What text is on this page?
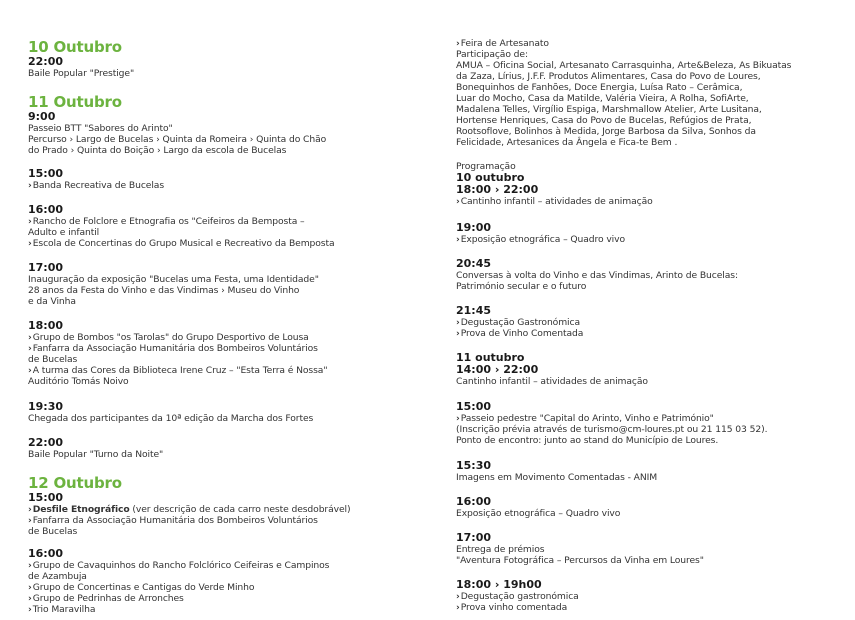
10 Outubro
22:00
Baile Popular "Prestige"
11 Outubro
9:00
Passeio BTT "Sabores do Arinto"
Percurso › Largo de Bucelas › Quinta da Romeira › Quinta do Chão
do Prado › Quinta do Boição › Largo da escola de Bucelas
15:00
›Banda Recreativa de Bucelas
16:00
›Rancho de Folclore e Etnografia os "Ceifeiros da Bemposta –
Adulto e infantil
›Escola de Concertinas do Grupo Musical e Recreativo da Bemposta
17:00
Inauguração da exposição "Bucelas uma Festa, uma Identidade"
28 anos da Festa do Vinho e das Vindimas › Museu do Vinho
e da Vinha
18:00
›Grupo de Bombos "os Tarolas" do Grupo Desportivo de Lousa
›Fanfarra da Associação Humanitária dos Bombeiros Voluntários
de Bucelas
›A turma das Cores da Biblioteca Irene Cruz – "Esta Terra é Nossa"
Auditório Tomás Noivo
19:30
Chegada dos participantes da 10ª edição da Marcha dos Fortes
22:00
Baile Popular "Turno da Noite"
12 Outubro
15:00
›Desfile Etnográfico (ver descrição de cada carro neste desdobrável)
›Fanfarra da Associação Humanitária dos Bombeiros Voluntários
de Bucelas
16:00
›Grupo de Cavaquinhos do Rancho Folclórico Ceifeiras e Campinos
de Azambuja
›Grupo de Concertinas e Cantigas do Verde Minho
›Grupo de Pedrinhas de Arronches
›Trio Maravilha
›Feira de Artesanato
Participação de:
AMUA – Oficina Social, Artesanato Carrasquinha, Arte&Beleza, As Bikuatas
da Zaza, Lírius, J.F.F. Produtos Alimentares, Casa do Povo de Loures,
Bonequinhos de Fanhões, Doce Energia, Luísa Rato – Cerâmica,
Luar do Mocho, Casa da Matilde, Valéria Vieira, A Rolha, SofiArte,
Madalena Telles, Virgílio Espiga, Marshmallow Atelier, Arte Lusitana,
Hortense Henriques, Casa do Povo de Bucelas, Refúgios de Prata,
Rootsoflove, Bolinhos à Medida, Jorge Barbosa da Silva, Sonhos da
Felicidade, Artesanices da Ângela e Fica-te Bem .
Programação
10 outubro
18:00 › 22:00
›Cantinho infantil – atividades de animação
19:00
›Exposição etnográfica – Quadro vivo
20:45
Conversas à volta do Vinho e das Vindimas, Arinto de Bucelas:
Património secular e o futuro
21:45
›Degustação Gastronómica
›Prova de Vinho Comentada
11 outubro
14:00 › 22:00
Cantinho infantil – atividades de animação
15:00
›Passeio pedestre "Capital do Arinto, Vinho e Património"
(Inscrição prévia através de turismo@cm-loures.pt ou 21 115 03 52).
Ponto de encontro: junto ao stand do Município de Loures.
15:30
Imagens em Movimento Comentadas - ANIM
16:00
Exposição etnográfica – Quadro vivo
17:00
Entrega de prémios
"Aventura Fotográfica – Percursos da Vinha em Loures"
18:00 › 19h00
›Degustação gastronómica
›Prova vinho comentada
